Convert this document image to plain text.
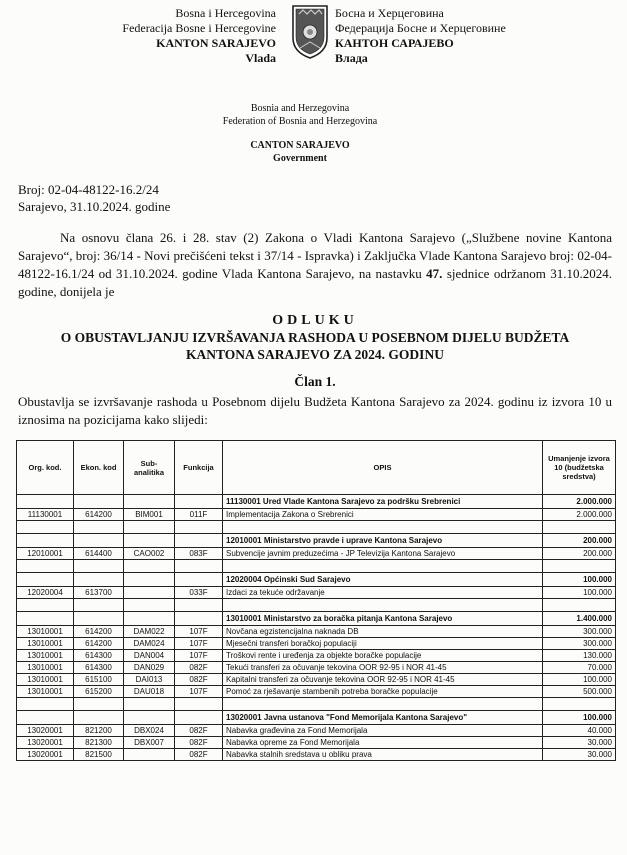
Bosna i Hercegovina
Federacija Bosne i Hercegovine
KANTON SARAJEVO
Vlada
Босна и Херцеговина
Федерација Босне и Херцеговине
КАНТОН САРАЈЕВО
Влада
Bosnia and Herzegovina
Federation of Bosnia and Herzegovina
CANTON SARAJEVO
Government
Broj: 02-04-48122-16.2/24
Sarajevo, 31.10.2024. godine
Na osnovu člana 26. i 28. stav (2) Zakona o Vladi Kantona Sarajevo („Službene novine Kantona Sarajevo“, broj: 36/14 - Novi prečišćeni tekst i 37/14 - Ispravka) i Zaključka Vlade Kantona Sarajevo broj: 02-04-48122-16.1/24 od 31.10.2024. godine Vlada Kantona Sarajevo, na nastavku 47. sjednice održanom 31.10.2024. godine, donijela je
ODLUKU
O OBUSTAVLJANJU IZVRŠAVANJA RASHODA U POSEBNOM DIJELU BUDŽETA
KANTONA SARAJEVO ZA 2024. GODINU
Član 1.
Obustavlja se izvršavanje rashoda u Posebnom dijelu Budžeta Kantona Sarajevo za 2024. godinu iz izvora 10 u iznosima na pozicijama kako slijedi:
Org. kod.	Ekon. kod	Sub-analitika	Funkcija	OPIS	Umanjenje izvora 10 (budžetska sredstva)
				11130001 Ured Vlade Kantona Sarajevo za podršku Srebrenici	2.000.000
11130001	614200	BIM001	011F	Implementacija Zakona o Srebrenici	2.000.000

				12010001 Ministarstvo pravde i uprave Kantona Sarajevo	200.000
12010001	614400	CAO002	083F	Subvencije javnim preduzećima - JP Televizija Kantona Sarajevo	200.000

				12020004 Općinski Sud Sarajevo	100.000
12020004	613700		033F	Izdaci za tekuće održavanje	100.000

				13010001 Ministarstvo za boračka pitanja Kantona Sarajevo	1.400.000
13010001	614200	DAM022	107F	Novčana egzistencijalna naknada DB	300.000
13010001	614200	DAM024	107F	Mjesečni transferi boračkoj populaciji	300.000
13010001	614300	DAN004	107F	Troškovi rente i uređenja za objekte boračke populacije	130.000
13010001	614300	DAN029	082F	Tekući transferi za očuvanje tekovina OOR 92-95 i NOR 41-45	70.000
13010001	615100	DAI013	082F	Kapitalni transferi za očuvanje tekovina OOR 92-95 i NOR 41-45	100.000
13010001	615200	DAU018	107F	Pomoć za rješavanje stambenih potreba boračke populacije	500.000

				13020001 Javna ustanova "Fond Memorijala Kantona Sarajevo"	100.000
13020001	821200	DBX024	082F	Nabavka građevina za Fond Memorijala	40.000
13020001	821300	DBX007	082F	Nabavka opreme za Fond Memorijala	30.000
13020001	821500		082F	Nabavka stalnih sredstava u obliku prava	30.000
